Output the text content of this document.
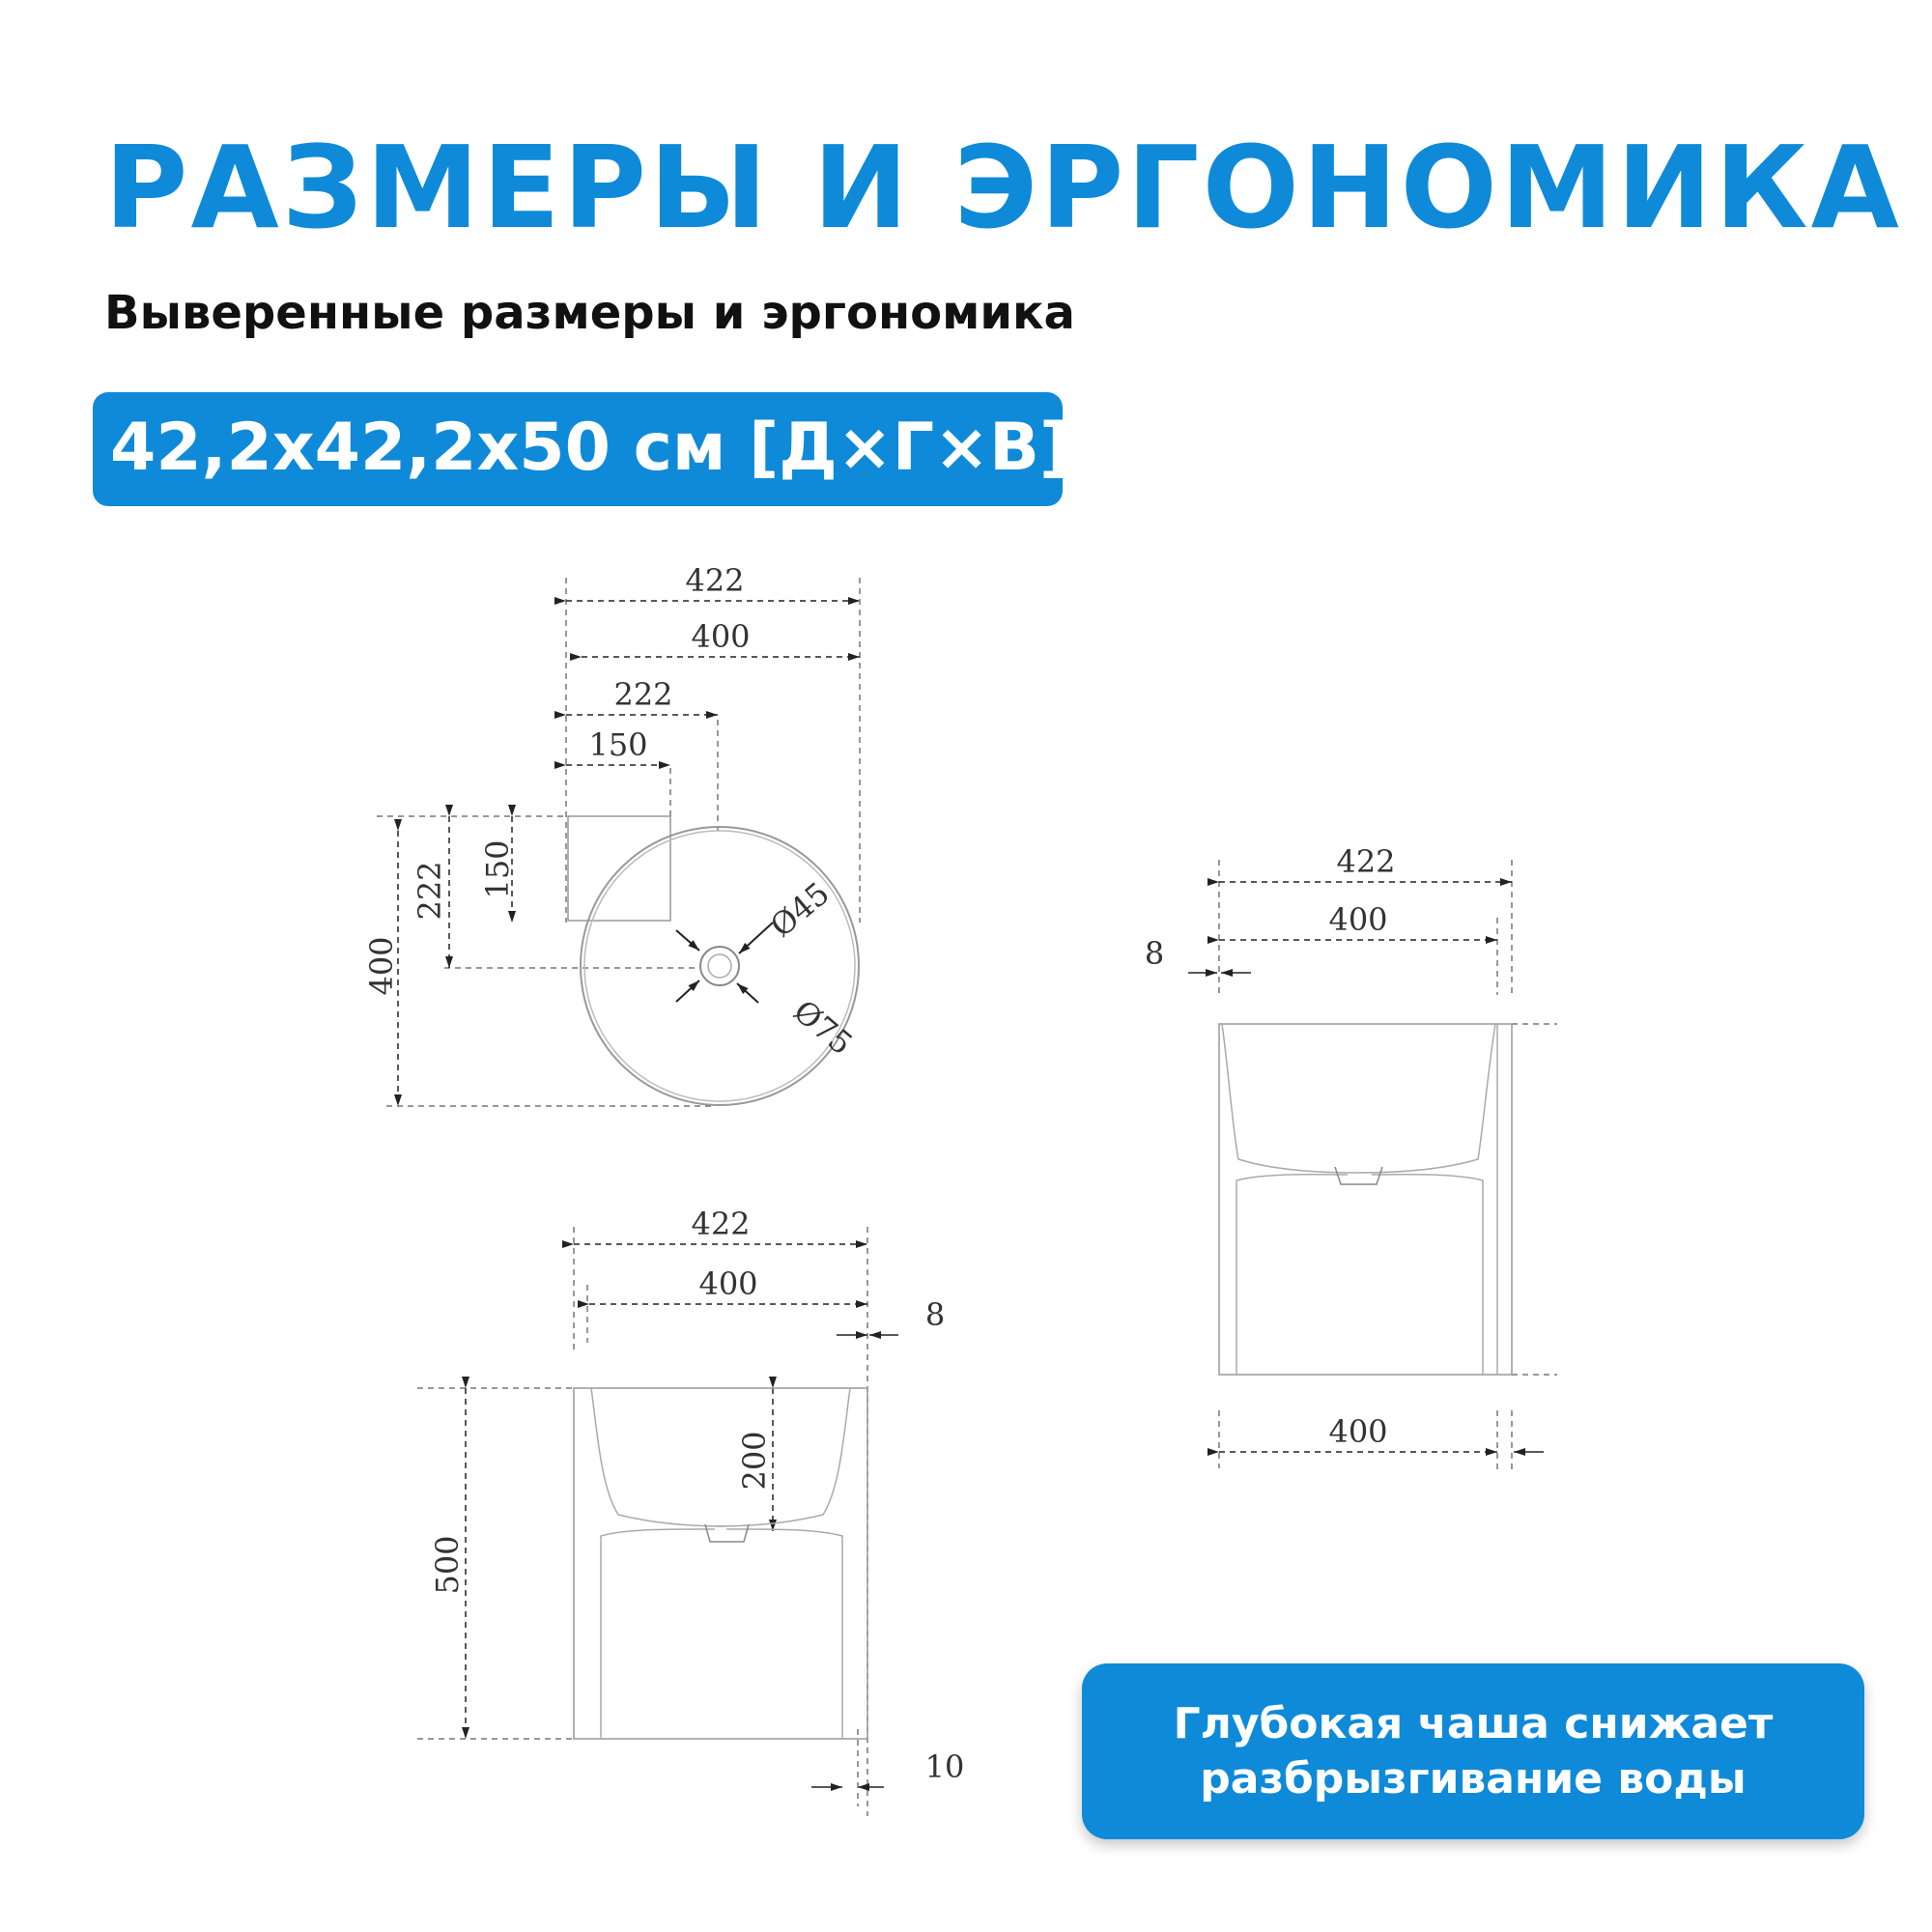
РАЗМЕРЫ И ЭРГОНОМИКА

Выверенные размеры и эргономика

42,2x42,2x50 см [Д×Г×В]
422
400
222
150
222 150
400
Ø45
Ø75
422
400
8
500
200
10
422
400
8
400
Глубокая чаша снижает
разбрызгивание воды
